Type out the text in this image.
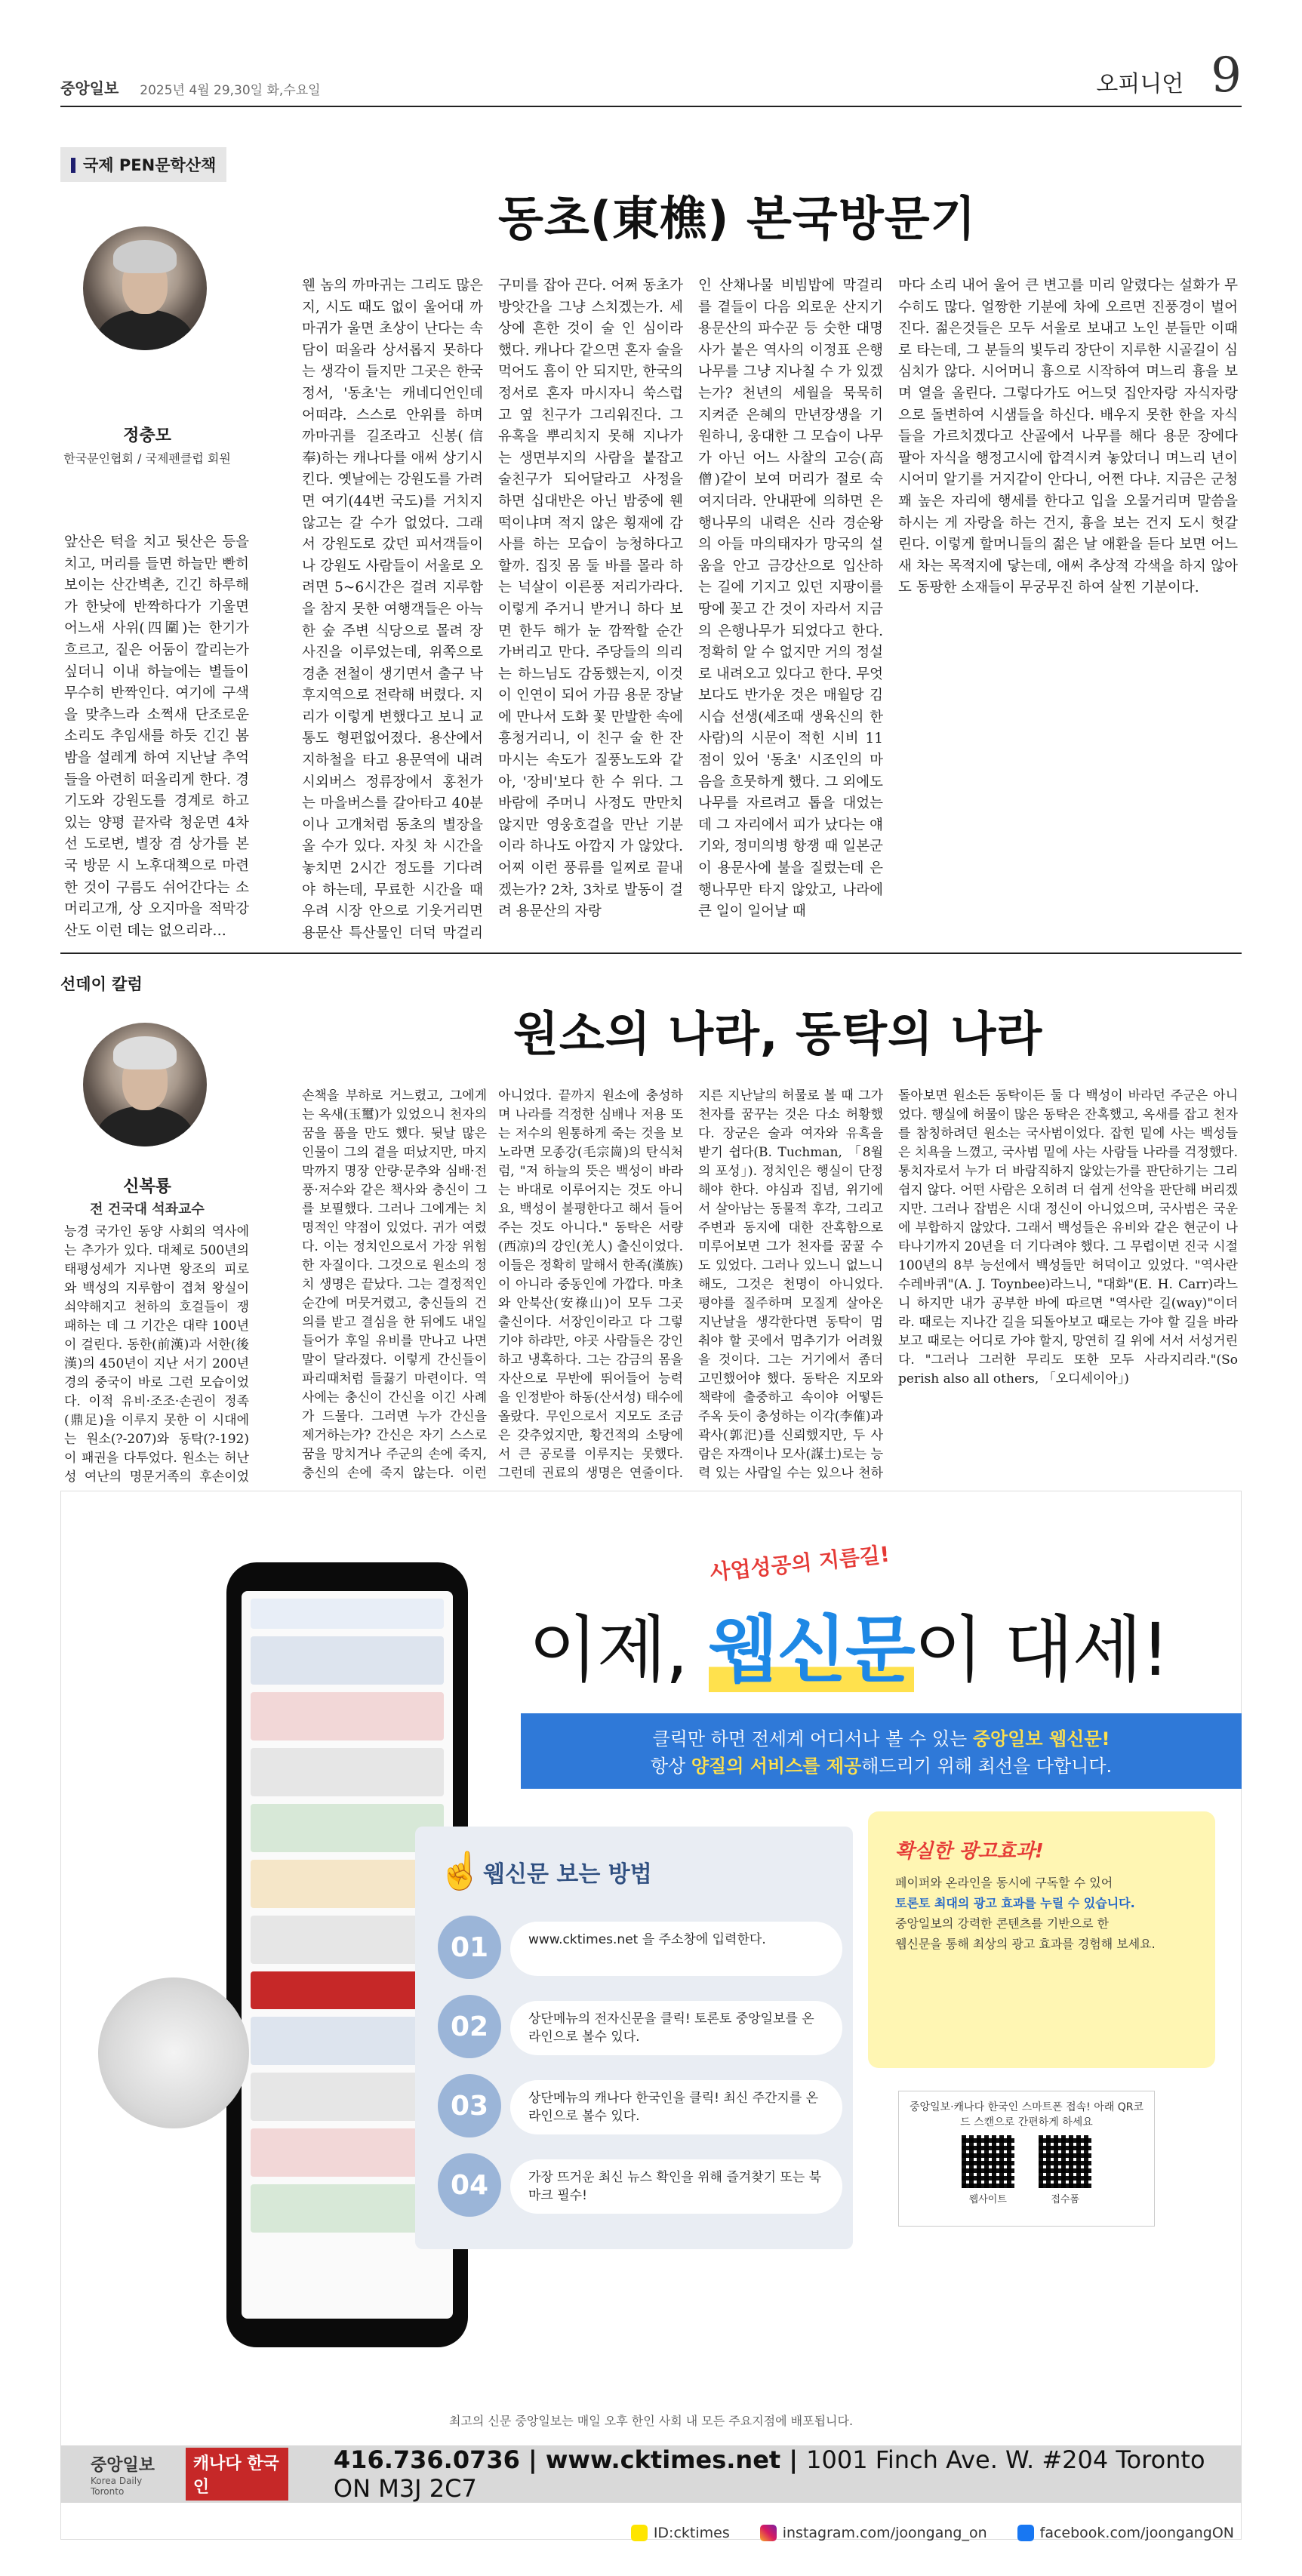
중앙일보 2025년 4월 29,30일 화,수요일	오피니언 9
국제 PEN문학산책
동초(東樵) 본국방문기
정충모
한국문인협회 / 국제펜클럽 회원
앞산은 턱을 치고 뒷산은 등을 치고, 머리를 들면 하늘만 빤히 보이는 산간벽촌, 긴긴 하루해가 한낮에 반짝하다가 기울면 어느새 사위(四圍)는 한기가 흐르고, 짙은 어둠이 깔리는가 싶더니 이내 하늘에는 별들이 무수히 반짝인다. 여기에 구색을 맞추느라 소쩍새 단조로운 소리도 추임새를 하듯 긴긴 봄밤을 설레게 하여 지난날 추억들을 아련히 떠올리게 한다. 경기도와 강원도를 경계로 하고 있는 양평 끝자락 청운면 4차선 도로변, 별장 겸 상가를 본국 방문 시 노후대책으로 마련한 것이 구름도 쉬어간다는 소머리고개, 상 오지마을 적막강산도 이런 데는 없으리라…
웬 놈의 까마귀는 그리도 많은지, 시도 때도 없이 울어대 까마귀가 울면 초상이 난다는 속담이 떠올라 상서롭지 못하다는 생각이 들지만 그곳은 한국 정서, '동초'는 캐네디언인데 어떠랴. 스스로 안위를 하며 까마귀를 길조라고 신봉(信奉)하는 캐나다를 애써 상기시킨다. 옛날에는 강원도를 가려면 여기(44번 국도)를 거치지 않고는 갈 수가 없었다. 그래서 강원도로 갔던 피서객들이나 강원도 사람들이 서울로 오려면 5~6시간은 걸려 지루함을 참지 못한 여행객들은 아늑한 숲 주변 식당으로 몰려 장사진을 이루었는데, 위쪽으로 경춘 전철이 생기면서 출구 낙후지역으로 전락해 버렸다. 지리가 이렇게 변했다고 보니 교통도 형편없어졌다. 용산에서 지하철을 타고 용문역에 내려 시외버스 정류장에서 홍천가는 마을버스를 갈아타고 40분이나 고개처럼 동초의 별장을 올 수가 있다. 자칫 차 시간을 놓치면 2시간 정도를 기다려야 하는데, 무료한 시간을 때우려 시장 안으로 기웃거리면 용문산 특산물인 더덕 막걸리
구미를 잡아 끈다. 어쩌 동초가 방앗간을 그냥 스치겠는가. 세상에 흔한 것이 술 인 심이라 했다. 캐나다 같으면 혼자 술을 먹어도 흠이 안 되지만, 한국의 정서로 혼자 마시자니 쑥스럽고 옆 친구가 그리워진다. 그 유혹을 뿌리치지 못해 지나가는 생면부지의 사람을 붙잡고 술친구가 되어달라고 사정을 하면 십대반은 아닌 밤중에 웬 떡이냐며 적지 않은 횡재에 감사를 하는 모습이 능청하다고 할까. 집짓 몸 둘 바를 몰라 하는 넉살이 이른풍 저리가라다. 이렇게 주거니 받거니 하다 보면 한두 해가 눈 깜짝할 순간 가버리고 만다. 주당들의 의리는 하느님도 감동했는지, 이것이 인연이 되어 가끔 용문 장날에 만나서 도화 꽃 만발한 속에 흥청거리니, 이 친구 술 한 잔 마시는 속도가 질풍노도와 같아, '장비'보다 한 수 위다. 그 바람에 주머니 사정도 만만치 않지만 영웅호걸을 만난 기분이라 하나도 아깝지 가 않았다. 어찌 이런 풍류를 일찌로 끝내겠는가? 2차, 3차로 발동이 걸려 용문산의 자랑
인 산채나물 비빔밥에 막걸리를 곁들이 다음 외로운 산지기 용문산의 파수꾼 등 숫한 대명사가 붙은 역사의 이정표 은행나무를 그냥 지나칠 수 가 있겠는가? 천년의 세월을 묵묵히 지켜준 은혜의 만년장생을 기원하니, 웅대한 그 모습이 나무가 아닌 어느 사찰의 고승(高僧)같이 보여 머리가 절로 숙여지더라. 안내판에 의하면 은행나무의 내력은 신라 경순왕의 아들 마의태자가 망국의 설움을 안고 금강산으로 입산하는 길에 기지고 있던 지팡이를 땅에 꽂고 간 것이 자라서 지금의 은행나무가 되었다고 한다. 정확히 알 수 없지만 거의 정설로 내려오고 있다고 한다. 무엇보다도 반가운 것은 매월당 김시습 선생(세조때 생육신의 한사람)의 시문이 적힌 시비 11점이 있어 '동초' 시조인의 마음을 흐뭇하게 했다. 그 외에도 나무를 자르려고 톱을 대었는데 그 자리에서 피가 났다는 얘기와, 정미의병 항쟁 때 일본군이 용문사에 불을 질렀는데 은행나무만 타지 않았고, 나라에 큰 일이 일어날 때
마다 소리 내어 울어 큰 변고를 미리 알렸다는 설화가 무수히도 많다. 얼짱한 기분에 차에 오르면 진풍경이 벌어진다. 젊은것들은 모두 서울로 보내고 노인 분들만 이때로 타는데, 그 분들의 빛두리 장단이 지루한 시골길이 심심치가 않다. 시어머니 흉으로 시작하여 며느리 흉을 보며 열을 올린다. 그렇다가도 어느덧 집안자랑 자식자랑으로 돌변하여 시샘들을 하신다. 배우지 못한 한을 자식들을 가르치겠다고 산골에서 나무를 해다 용문 장에다 팔아 자식을 행정고시에 합격시켜 놓았더니 며느리 년이 시어미 알기를 거지같이 안다니, 어쩐 다냐. 지금은 군청 꽤 높은 자리에 행세를 한다고 입을 오물거리며 말씀을 하시는 게 자랑을 하는 건지, 흉을 보는 건지 도시 헛갈린다. 이렇게 할머니들의 젊은 날 애환을 듣다 보면 어느새 차는 목적지에 닿는데, 애써 추상적 각색을 하지 않아도 동팡한 소재들이 무궁무진 하여 살찐 기분이다.
선데이 칼럼
원소의 나라, 동탁의 나라
신복룡
전 건국대 석좌교수
능경 국가인 동양 사회의 역사에는 추가가 있다. 대체로 500년의 태평성세가 지나면 왕조의 피로와 백성의 지루함이 겹쳐 왕실이 쇠약해지고 천하의 호걸들이 쟁패하는 데 그 기간은 대략 100년이 걸린다. 동한(前漢)과 서한(後漢)의 450년이 지난 서기 200년경의 중국이 바로 그런 모습이었다. 이적 유비·조조·손권이 정족(鼎足)을 이루지 못한 이 시대에는 원소(?-207)와 동탁(?-192)이 패권을 다투었다. 원소는 허난성 여난의 명문거족의 후손이었
손책을 부하로 거느렸고, 그에게는 옥새(玉璽)가 있었으니 천자의 꿈을 품을 만도 했다. 뒷날 많은 인물이 그의 곁을 떠났지만, 마지막까지 명장 안량·문추와 심배·전풍·저수와 같은 책사와 충신이 그를 보필했다. 그러나 그에게는 치명적인 약점이 있었다. 귀가 여렸다. 이는 정치인으로서 가장 위험한 자질이다. 그것으로 원소의 정치 생명은 끝났다. 그는 결정적인 순간에 머뭇거렸고, 충신들의 건의를 받고 결심을 한 뒤에도 내일 들어가 후일 유비를 만나고 나면 말이 달라졌다. 이렇게 간신들이 파리때처럼 들끓기 마련이다. 역사에는 충신이 간신을 이긴 사례가 드물다. 그러면 누가 간신을 제거하는가? 간신은 자기 스스로 꿈을 망치거나 주군의 손에 죽지, 충신의 손에 죽지 않는다. 이런
아니었다. 끝까지 원소에 충성하며 나라를 걱정한 심배나 저용 또는 저수의 원통하게 죽는 것을 보노라면 모종강(毛宗崗)의 탄식처럼, "저 하늘의 뜻은 백성이 바라는 바대로 이루어지는 것도 아니요, 백성이 불평한다고 해서 들어주는 것도 아니다." 동탁은 서량(西凉)의 강인(羌人) 출신이었다. 이들은 정확히 말해서 한족(漢族)이 아니라 중동인에 가깝다. 마초와 안북산(安祿山)이 모두 그곳 출신이다. 서장인이라고 다 그렇기야 하랴만, 야곳 사람들은 강인하고 냉혹하다. 그는 감금의 몸을 자산으로 무반에 뛰어들어 능력을 인정받아 하동(산서성) 태수에 올랐다. 무인으로서 지모도 조금은 갖추었지만, 황건적의 소탕에서 큰 공로를 이루지는 못했다. 그런데 권료의 생명은 연줄이다.
지른 지난날의 허물로 볼 때 그가 천자를 꿈꾸는 것은 다소 허황했다. 장군은 술과 여자와 유흑을 받기 쉽다(B. Tuchman, 「8월의 포성」). 정치인은 행실이 단정해야 한다. 야심과 집념, 위기에서 살아남는 동물적 후각, 그리고 주변과 동지에 대한 잔혹함으로 미루어보면 그가 천자를 꿈꿀 수도 있었다. 그러나 있느니 없느니 해도, 그것은 천명이 아니었다. 평야를 질주하며 모질게 살아온 지난날을 생각한다면 동탁이 멈춰야 할 곳에서 멈추기가 어려웠을 것이다. 그는 거기에서 좀더 고민했어야 했다. 동탁은 지모와 책략에 출중하고 속이야 어떻든 주옥 듯이 충성하는 이각(李傕)과 곽사(郭汜)를 신뢰했지만, 두 사람은 자객이나 모사(謀士)로는 능력 있는 사람일 수는 있으나 천하
돌아보면 원소든 동탁이든 둘 다 백성이 바라던 주군은 아니었다. 행실에 허물이 많은 동탁은 잔혹했고, 옥새를 잡고 천자를 참칭하려던 원소는 국사범이었다. 잡힌 밑에 사는 백성들은 치욕을 느꼈고, 국사범 밑에 사는 사람들 나라를 걱정했다. 통치자로서 누가 더 바람직하지 않았는가를 판단하기는 그리 쉽지 않다. 어떤 사람은 오히려 더 쉽게 선악을 판단해 버리겠지만. 그러나 잡범은 시대 정신이 아니었으며, 국사범은 국운에 부합하지 않았다. 그래서 백성들은 유비와 같은 현군이 나타나기까지 20년을 더 기다려야 했다. 그 무렵이면 진국 시절 100년의 8부 능선에서 백성들만 허덕이고 있었다. "역사란 수레바퀴"(A. J. Toynbee)라느니, "대화"(E. H. Carr)라느니 하지만 내가 공부한 바에 따르면 "역사란 길(way)"이더라. 때로는 지나간 길을 되돌아보고 때로는 가야 할 길을 바라보고 때로는 어디로 가야 할지, 망연히 길 위에 서서 서성거린다. "그러나 그러한 무리도 또한 모두 사라지리라."(So perish also all others, 「오디세이아」)
사업성공의 지름길!
이제, 웹신문이 대세!
클릭만 하면 전세계 어디서나 볼 수 있는 중앙일보 웹신문!
항상 양질의 서비스를 제공해드리기 위해 최선을 다합니다.
☝ 웹신문 보는 방법
01	www.cktimes.net 을 주소창에 입력한다.
02	상단메뉴의 전자신문을 클릭! 토론토 중앙일보를 온라인으로 볼수 있다.
03	상단메뉴의 캐나다 한국인을 클릭! 최신 주간지를 온라인으로 볼수 있다.
04	가장 뜨거운 최신 뉴스 확인을 위해 즐겨찾기 또는 북마크 필수!
확실한 광고효과!
페이퍼와 온라인을 동시에 구독할 수 있어
토론토 최대의 광고 효과를 누릴 수 있습니다.
중앙일보의 강력한 콘텐츠를 기반으로 한
웹신문을 통해 최상의 광고 효과를 경험해 보세요.
중앙일보·캐나다 한국인 스마트폰 접속! 아래 QR코드 스캔으로 간편하게 하세요

웹사이트	접수폼
최고의 신문 중앙일보는 매일 오후 한인 사회 내 모든 주요지점에 배포됩니다.
중앙일보
Korea Daily Toronto
캐나다 한국인
416.736.0736 | www.cktimes.net | 1001 Finch Ave. W. #204 Toronto ON M3J 2C7
ID:cktimes	instagram.com/joongang_on	facebook.com/joongangON
